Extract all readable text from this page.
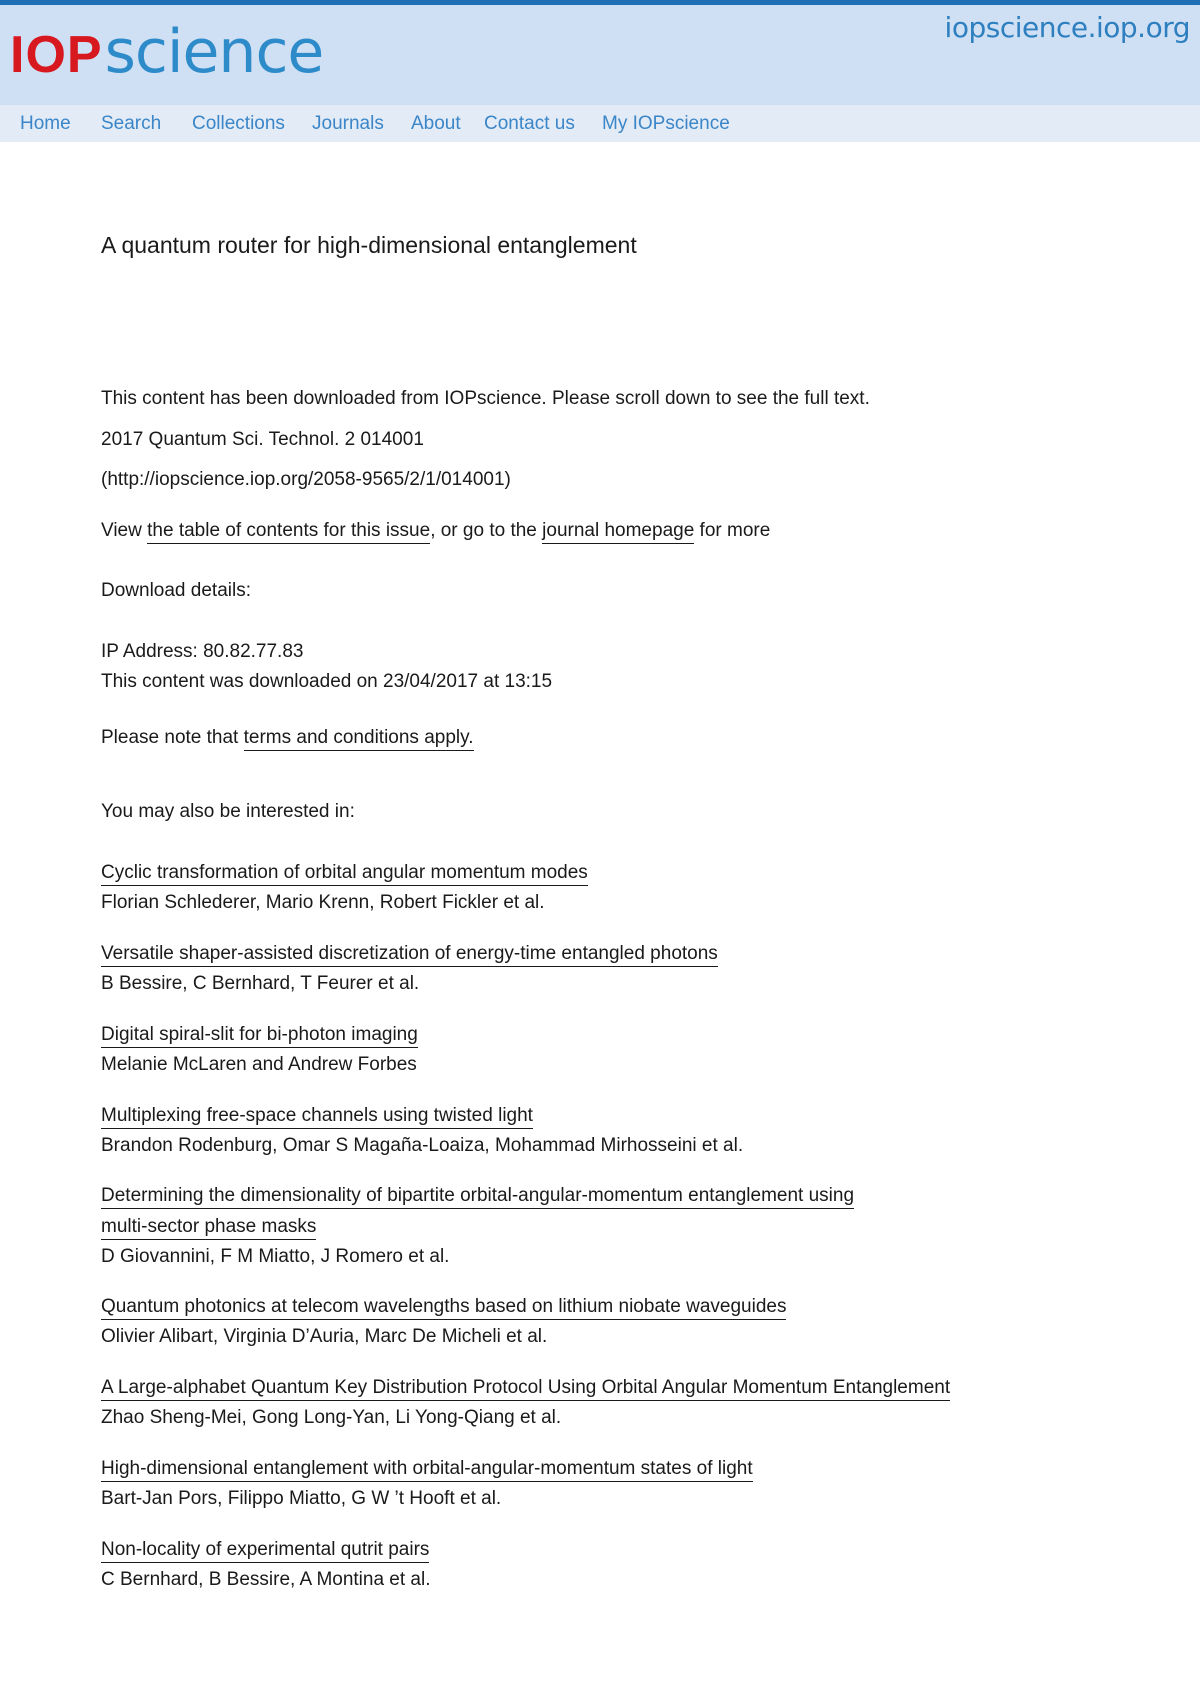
IOPscience	iopscience.iop.org
Home Search Collections Journals About Contact us My IOPscience
A quantum router for high-dimensional entanglement
This content has been downloaded from IOPscience. Please scroll down to see the full text.
2017 Quantum Sci. Technol. 2 014001
(http://iopscience.iop.org/2058-9565/2/1/014001)
View the table of contents for this issue, or go to the journal homepage for more
Download details:
IP Address: 80.82.77.83
This content was downloaded on 23/04/2017 at 13:15
Please note that terms and conditions apply.
You may also be interested in:
Cyclic transformation of orbital angular momentum modes
Florian Schlederer, Mario Krenn, Robert Fickler et al.
Versatile shaper-assisted discretization of energy-time entangled photons
B Bessire, C Bernhard, T Feurer et al.
Digital spiral-slit for bi-photon imaging
Melanie McLaren and Andrew Forbes
Multiplexing free-space channels using twisted light
Brandon Rodenburg, Omar S Magaña-Loaiza, Mohammad Mirhosseini et al.
Determining the dimensionality of bipartite orbital-angular-momentum entanglement using
multi-sector phase masks
D Giovannini, F M Miatto, J Romero et al.
Quantum photonics at telecom wavelengths based on lithium niobate waveguides
Olivier Alibart, Virginia D’Auria, Marc De Micheli et al.
A Large-alphabet Quantum Key Distribution Protocol Using Orbital Angular Momentum Entanglement
Zhao Sheng-Mei, Gong Long-Yan, Li Yong-Qiang et al.
High-dimensional entanglement with orbital-angular-momentum states of light
Bart-Jan Pors, Filippo Miatto, G W ’t Hooft et al.
Non-locality of experimental qutrit pairs
C Bernhard, B Bessire, A Montina et al.
